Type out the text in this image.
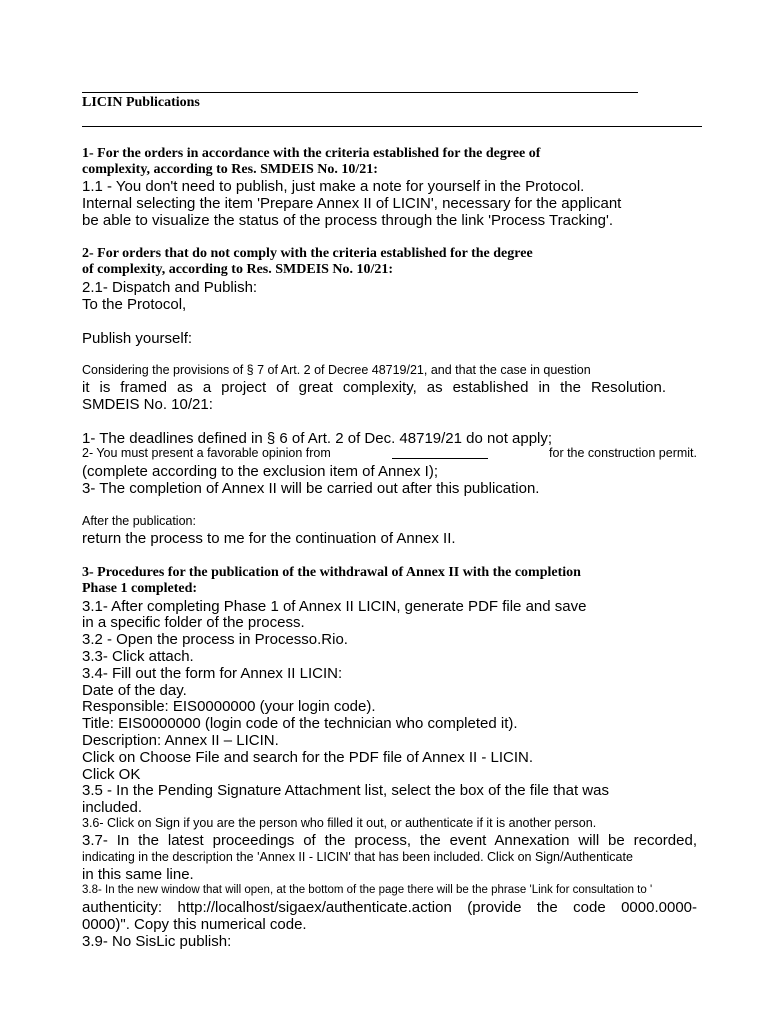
LICIN Publications

1- For the orders in accordance with the criteria established for the degree of

complexity, according to Res. SMDEIS No. 10/21:

1.1 - You don't need to publish, just make a note for yourself in the Protocol.

Internal selecting the item 'Prepare Annex II of LICIN', necessary for the applicant

be able to visualize the status of the process through the link 'Process Tracking'.

2- For orders that do not comply with the criteria established for the degree

of complexity, according to Res. SMDEIS No. 10/21:

2.1- Dispatch and Publish:

To the Protocol,

Publish yourself:

Considering the provisions of § 7 of Art. 2 of Decree 48719/21, and that the case in question

it is framed as a project of great complexity, as established in the Resolution.

SMDEIS No. 10/21:

1- The deadlines defined in § 6 of Art. 2 of Dec. 48719/21 do not apply;

2- You must present a favorable opinion from	for the construction permit.

(complete according to the exclusion item of Annex I);

3- The completion of Annex II will be carried out after this publication.

After the publication:

return the process to me for the continuation of Annex II.

3- Procedures for the publication of the withdrawal of Annex II with the completion

Phase 1 completed:

3.1- After completing Phase 1 of Annex II LICIN, generate PDF file and save

in a specific folder of the process.

3.2 - Open the process in Processo.Rio.

3.3- Click attach.

3.4- Fill out the form for Annex II LICIN:

Date of the day.

Responsible: EIS0000000 (your login code).

Title: EIS0000000 (login code of the technician who completed it).

Description: Annex II – LICIN.

Click on Choose File and search for the PDF file of Annex II - LICIN.

Click OK

3.5 - In the Pending Signature Attachment list, select the box of the file that was

included.

3.6- Click on Sign if you are the person who filled it out, or authenticate if it is another person.

3.7- In the latest proceedings of the process, the event Annexation will be recorded,

indicating in the description the 'Annex II - LICIN' that has been included. Click on Sign/Authenticate

in this same line.

3.8- In the new window that will open, at the bottom of the page there will be the phrase 'Link for consultation to '

authenticity: http://localhost/sigaex/authenticate.action (provide the code 0000.0000-

0000)". Copy this numerical code.

3.9- No SisLic publish:
